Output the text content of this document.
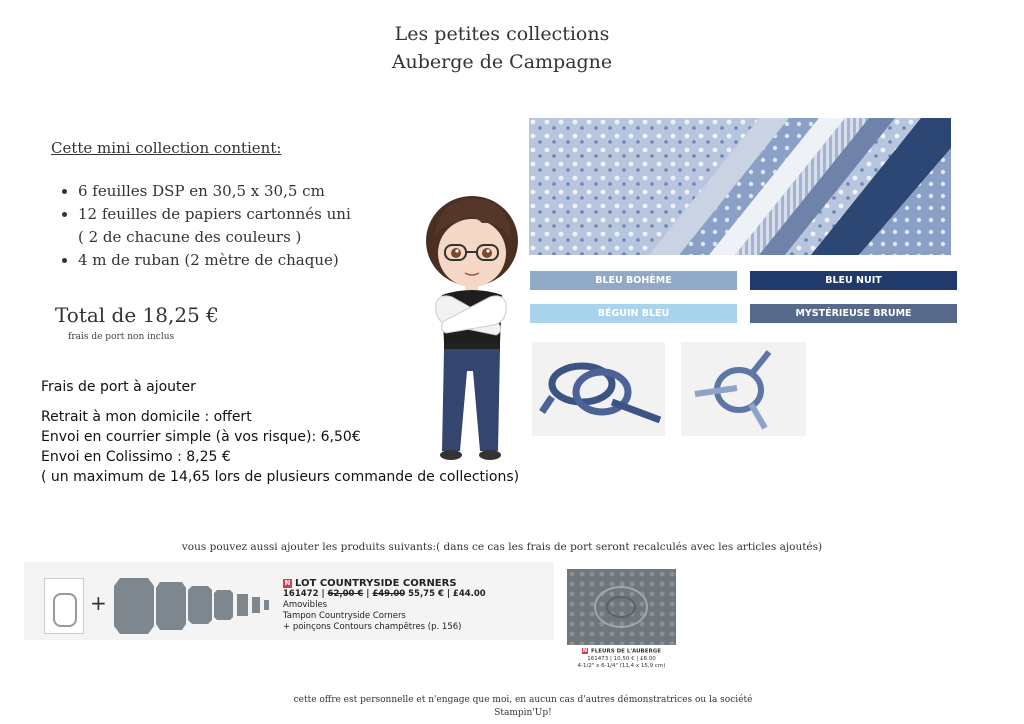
Les petites collections
Auberge de Campagne
Cette mini collection contient:
• 6 feuilles DSP en 30,5 x 30,5 cm
• 12 feuilles de papiers cartonnés uni
( 2 de chacune des couleurs )
• 4 m de ruban (2 mètre de chaque)
Total de 18,25 €
frais de port non inclus
Frais de port à ajouter
Retrait à mon domicile : offert
Envoi en courrier simple (à vos risque): 6,50€
Envoi en Colissimo : 8,25 €
( un maximum de 14,65 lors de plusieurs commande de collections)
BLEU BOHÈME	BLEU NUIT
BÉGUIN BLEU	MYSTÉRIEUSE BRUME
vous pouvez aussi ajouter les produits suivants:( dans ce cas les frais de port seront recalculés avec les articles ajoutés)
+
N LOT COUNTRYSIDE CORNERS
161472 | 62,00 € | £49.00 55,75 € | £44.00
Amovibles
Tampon Countryside Corners
+ poinçons Contours champêtres (p. 156)
N FLEURS DE L'AUBERGE
161473 | 10,50 € | £8.00
4-1/2" x 6-1/4" (11,4 x 15,9 cm)
cette offre est personnelle et n'engage que moi, en aucun cas d'autres démonstratrices ou la société
Stampin'Up!
